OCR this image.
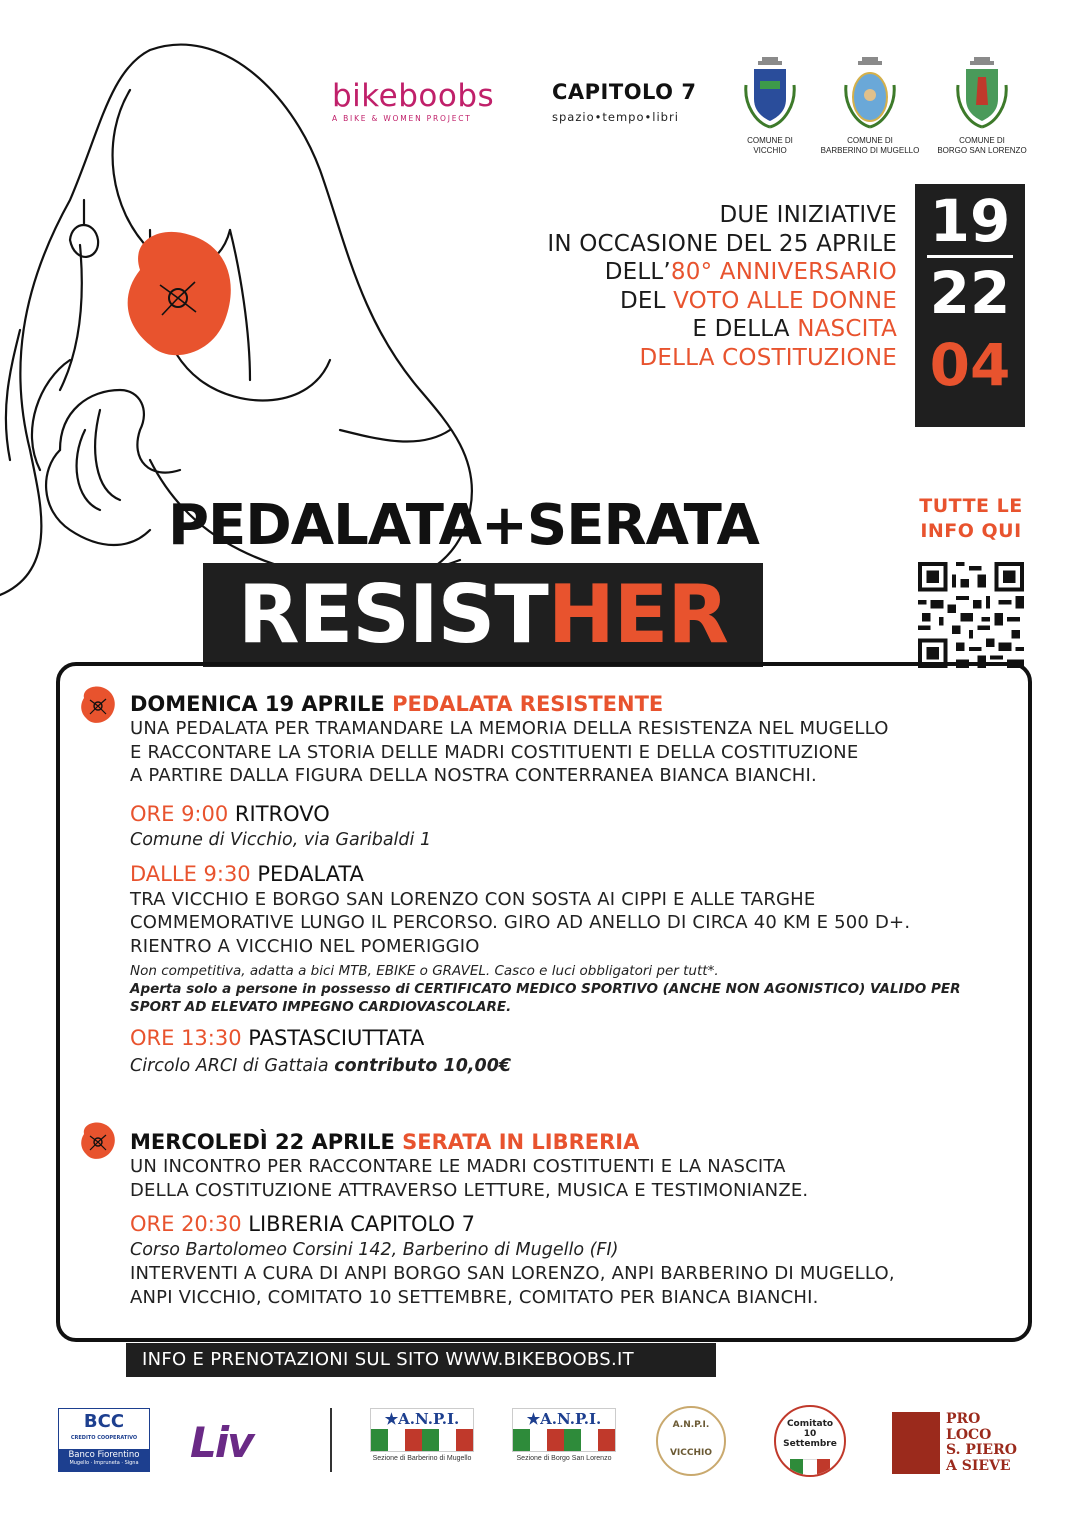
bikeboobs
A BIKE & WOMEN PROJECT
CAPITOLO 7
spazio•tempo•libri
COMUNE DI
VICCHIO
COMUNE DI
BARBERINO DI MUGELLO
COMUNE DI
BORGO SAN LORENZO
DUE INIZIATIVE
IN OCCASIONE DEL 25 APRILE
DELL’80° ANNIVERSARIO
DEL VOTO ALLE DONNE
E DELLA NASCITA
DELLA COSTITUZIONE
19
22
04
TUTTE LE
INFO QUI
PEDALATA+SERATA
RESISTHER
DOMENICA 19 APRILE PEDALATA RESISTENTE
UNA PEDALATA PER TRAMANDARE LA MEMORIA DELLA RESISTENZA NEL MUGELLO
E RACCONTARE LA STORIA DELLE MADRI COSTITUENTI E DELLA COSTITUZIONE
A PARTIRE DALLA FIGURA DELLA NOSTRA CONTERRANEA BIANCA BIANCHI.
ORE 9:00 RITROVO
Comune di Vicchio, via Garibaldi 1
DALLE 9:30 PEDALATA
TRA VICCHIO E BORGO SAN LORENZO CON SOSTA AI CIPPI E ALLE TARGHE
COMMEMORATIVE LUNGO IL PERCORSO. GIRO AD ANELLO DI CIRCA 40 KM E 500 D+.
RIENTRO A VICCHIO NEL POMERIGGIO
Non competitiva, adatta a bici MTB, EBIKE o GRAVEL. Casco e luci obbligatori per tutt*.
Aperta solo a persone in possesso di CERTIFICATO MEDICO SPORTIVO (ANCHE NON AGONISTICO) VALIDO PER
SPORT AD ELEVATO IMPEGNO CARDIOVASCOLARE.
ORE 13:30 PASTASCIUTTATA
Circolo ARCI di Gattaia contributo 10,00€
MERCOLEDÌ 22 APRILE SERATA IN LIBRERIA
UN INCONTRO PER RACCONTARE LE MADRI COSTITUENTI E LA NASCITA
DELLA COSTITUZIONE ATTRAVERSO LETTURE, MUSICA E TESTIMONIANZE.
ORE 20:30 LIBRERIA CAPITOLO 7
Corso Bartolomeo Corsini 142, Barberino di Mugello (FI)
INTERVENTI A CURA DI ANPI BORGO SAN LORENZO, ANPI BARBERINO DI MUGELLO,
ANPI VICCHIO, COMITATO 10 SETTEMBRE, COMITATO PER BIANCA BIANCHI.
INFO E PRENOTAZIONI SUL SITO WWW.BIKEBOOBS.IT
BCC
CREDITO COOPERATIVO
Banco Fiorentino
Mugello · Impruneta · Signa Liv	★A.N.P.I.
Sezione di Barberino di Mugello
★A.N.P.I.
Sezione di Borgo San Lorenzo
A.N.P.I.
VICCHIO
Comitato
10 Settembre
PRO
LOCO
S. PIERO
A SIEVE
